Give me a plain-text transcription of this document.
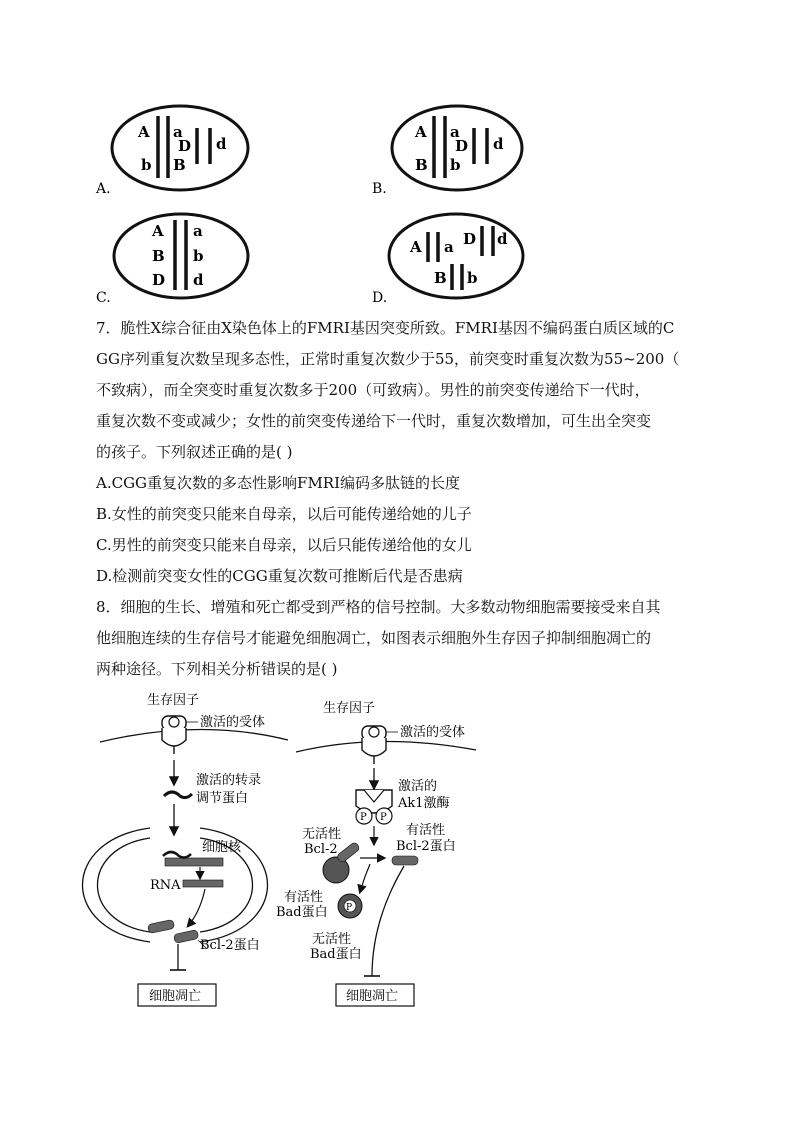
A a
D d
b B
A.
A a
D d
B b
B.
A a
B b
D d
C.
A a D d
B b
D.
7．脆性X综合征由X染色体上的FMRI基因突变所致。FMRI基因不编码蛋白质区域的C
GG序列重复次数呈现多态性，正常时重复次数少于55，前突变时重复次数为55~200（
不致病），而全突变时重复次数多于200（可致病）。男性的前突变传递给下一代时，
重复次数不变或减少；女性的前突变传递给下一代时，重复次数增加，可生出全突变
的孩子。下列叙述正确的是( )
A.CGG重复次数的多态性影响FMRI编码多肽链的长度
B.女性的前突变只能来自母亲，以后可能传递给她的儿子
C.男性的前突变只能来自母亲，以后只能传递给他的女儿
D.检测前突变女性的CGG重复次数可推断后代是否患病
8．细胞的生长、增殖和死亡都受到严格的信号控制。大多数动物细胞需要接受来自其
他细胞连续的生存信号才能避免细胞凋亡，如图表示细胞外生存因子抑制细胞凋亡的
两种途径。下列相关分析错误的是( )
生存因子
激活的受体
激活的转录
调节蛋白
细胞核
RNA
Bcl-2蛋白
细胞凋亡
生存因子
激活的受体
P P
激活的
Ak1激酶
无活性
Bcl-2
有活性
Bcl-2蛋白
有活性
Bad蛋白 P
无活性
Bad蛋白
细胞凋亡
